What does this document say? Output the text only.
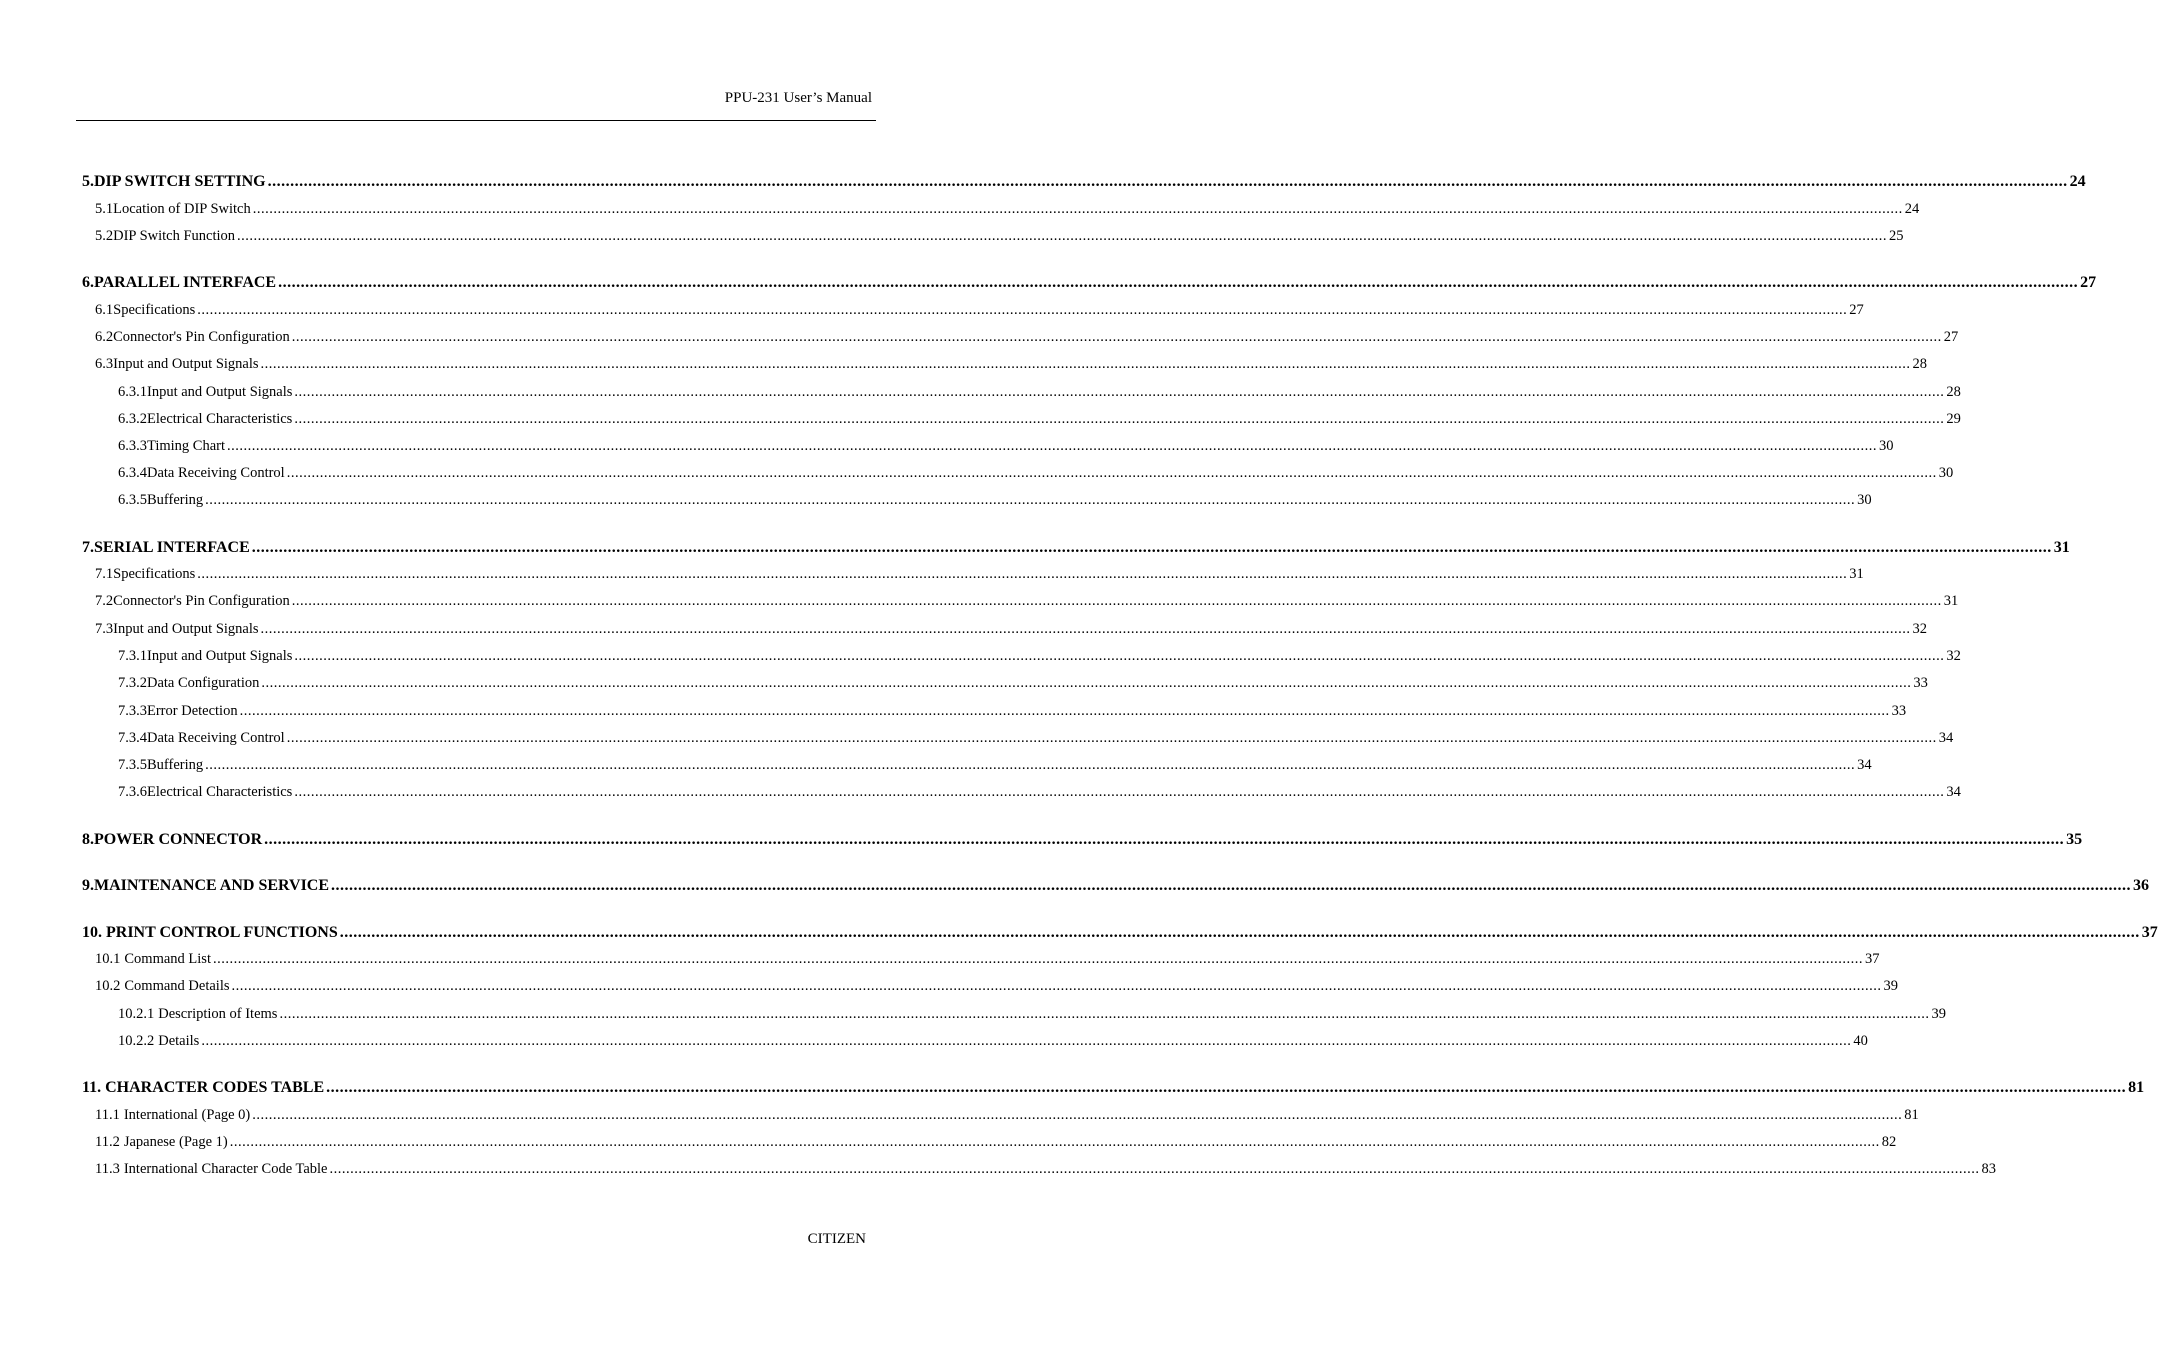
PPU-231 User’s Manual
5. DIP SWITCH SETTING ................................................................................................................................................................................................................................................................................................................................................................................................................ 24
5.1 Location of DIP Switch ................................................................................................................................................................................................................................................................................................................................................................................................................ 24
5.2 DIP Switch Function ................................................................................................................................................................................................................................................................................................................................................................................................................ 25
6. PARALLEL INTERFACE ................................................................................................................................................................................................................................................................................................................................................................................................................ 27
6.1 Specifications ................................................................................................................................................................................................................................................................................................................................................................................................................ 27
6.2 Connector's Pin Configuration ................................................................................................................................................................................................................................................................................................................................................................................................................ 27
6.3 Input and Output Signals ................................................................................................................................................................................................................................................................................................................................................................................................................ 28
6.3.1 Input and Output Signals ................................................................................................................................................................................................................................................................................................................................................................................................................ 28
6.3.2 Electrical Characteristics ................................................................................................................................................................................................................................................................................................................................................................................................................ 29
6.3.3 Timing Chart ................................................................................................................................................................................................................................................................................................................................................................................................................ 30
6.3.4 Data Receiving Control ................................................................................................................................................................................................................................................................................................................................................................................................................ 30
6.3.5 Buffering ................................................................................................................................................................................................................................................................................................................................................................................................................ 30
7. SERIAL INTERFACE ................................................................................................................................................................................................................................................................................................................................................................................................................ 31
7.1 Specifications ................................................................................................................................................................................................................................................................................................................................................................................................................ 31
7.2 Connector's Pin Configuration ................................................................................................................................................................................................................................................................................................................................................................................................................ 31
7.3 Input and Output Signals ................................................................................................................................................................................................................................................................................................................................................................................................................ 32
7.3.1 Input and Output Signals ................................................................................................................................................................................................................................................................................................................................................................................................................ 32
7.3.2 Data Configuration ................................................................................................................................................................................................................................................................................................................................................................................................................ 33
7.3.3 Error Detection ................................................................................................................................................................................................................................................................................................................................................................................................................ 33
7.3.4 Data Receiving Control ................................................................................................................................................................................................................................................................................................................................................................................................................ 34
7.3.5 Buffering ................................................................................................................................................................................................................................................................................................................................................................................................................ 34
7.3.6 Electrical Characteristics ................................................................................................................................................................................................................................................................................................................................................................................................................ 34
8. POWER CONNECTOR ................................................................................................................................................................................................................................................................................................................................................................................................................ 35
9. MAINTENANCE AND SERVICE ................................................................................................................................................................................................................................................................................................................................................................................................................ 36
10. PRINT CONTROL FUNCTIONS ................................................................................................................................................................................................................................................................................................................................................................................................................ 37
10.1 Command List ................................................................................................................................................................................................................................................................................................................................................................................................................ 37
10.2 Command Details ................................................................................................................................................................................................................................................................................................................................................................................................................ 39
10.2.1 Description of Items ................................................................................................................................................................................................................................................................................................................................................................................................................ 39
10.2.2 Details ................................................................................................................................................................................................................................................................................................................................................................................................................ 40
11. CHARACTER CODES TABLE ................................................................................................................................................................................................................................................................................................................................................................................................................ 81
11.1 International (Page 0) ................................................................................................................................................................................................................................................................................................................................................................................................................ 81
11.2 Japanese (Page 1) ................................................................................................................................................................................................................................................................................................................................................................................................................ 82
11.3 International Character Code Table ................................................................................................................................................................................................................................................................................................................................................................................................................ 83
CITIZEN
